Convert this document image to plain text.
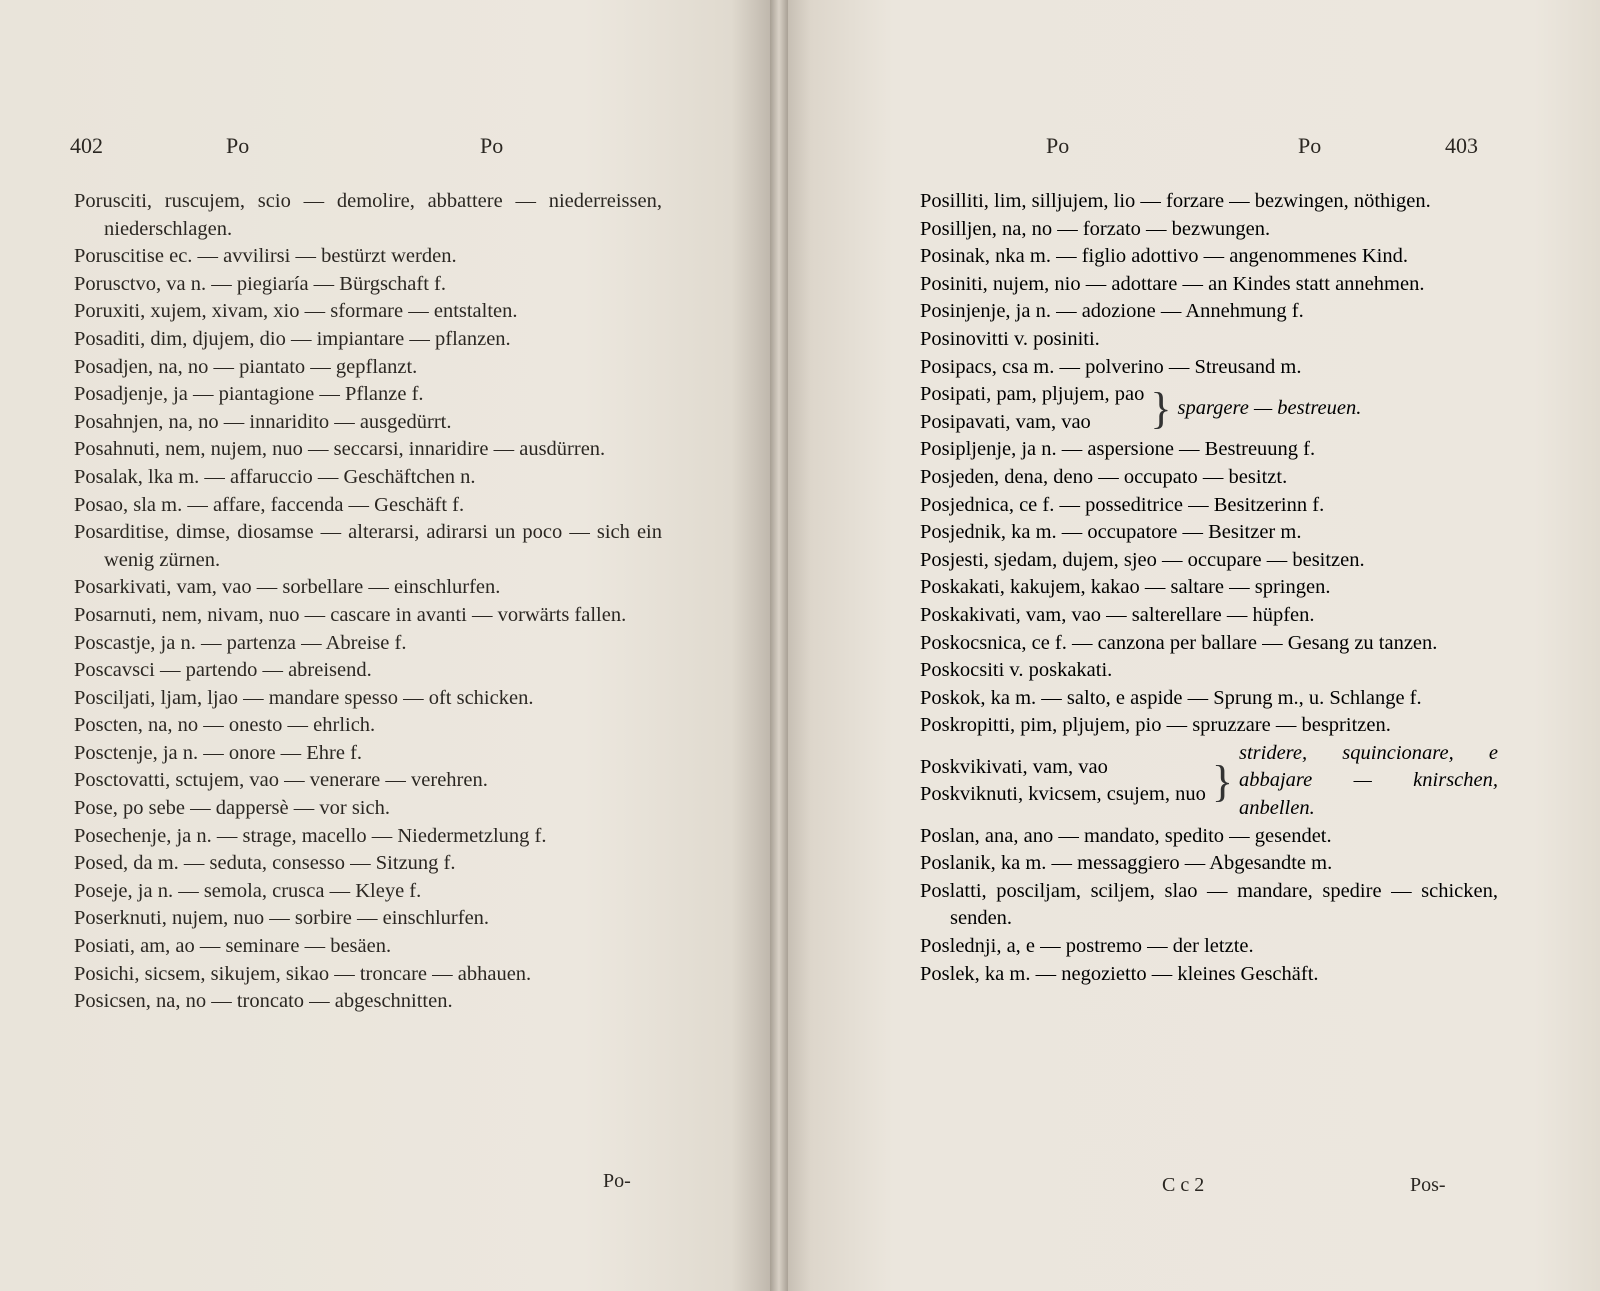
402	Po	Po
Porusciti, ruscujem, scio — demolire, abbattere — niederreissen, niederschlagen.
Poruscitise ec. — avvilirsi — bestürzt werden.
Porusctvo, va n. — piegiaría — Bürgschaft f.
Poruxiti, xujem, xivam, xio — sformare — entstalten.
Posaditi, dim, djujem, dio — impiantare — pflanzen.
Posadjen, na, no — piantato — gepflanzt.
Posadjenje, ja — piantagione — Pflanze f.
Posahnjen, na, no — innaridito — ausgedürrt.
Posahnuti, nem, nujem, nuo — seccarsi, innaridire — ausdürren.
Posalak, lka m. — affaruccio — Geschäftchen n.
Posao, sla m. — affare, faccenda — Geschäft f.
Posarditise, dimse, diosamse — alterarsi, adirarsi un poco — sich ein wenig zürnen.
Posarkivati, vam, vao — sorbellare — einschlurfen.
Posarnuti, nem, nivam, nuo — cascare in avanti — vorwärts fallen.
Poscastje, ja n. — partenza — Abreise f.
Poscavsci — partendo — abreisend.
Posciljati, ljam, ljao — mandare spesso — oft schicken.
Poscten, na, no — onesto — ehrlich.
Posctenje, ja n. — onore — Ehre f.
Posctovatti, sctujem, vao — venerare — verehren.
Pose, po sebe — dappersè — vor sich.
Posechenje, ja n. — strage, macello — Niedermetzlung f.
Posed, da m. — seduta, consesso — Sitzung f.
Poseje, ja n. — semola, crusca — Kleye f.
Poserknuti, nujem, nuo — sorbire — einschlurfen.
Posiati, am, ao — seminare — besäen.
Posichi, sicsem, sikujem, sikao — troncare — abhauen.
Posicsen, na, no — troncato — abgeschnitten.
Po-
Po	Po	403
C c 2	Pos-
Posilliti, lim, silljujem, lio — forzare — bezwingen, nöthigen.
Posilljen, na, no — forzato — bezwungen.
Posinak, nka m. — figlio adottivo — angenommenes Kind.
Posiniti, nujem, nio — adottare — an Kindes statt annehmen.
Posinjenje, ja n. — adozione — Annehmung f.
Posinovitti v. posiniti.
Posipacs, csa m. — polverino — Streusand m.
Posipati, pam, pljujem, pao
Posipavati, vam, vao	} spargere — bestreuen.
Posipljenje, ja n. — aspersione — Bestreuung f.
Posjeden, dena, deno — occupato — besitzt.
Posjednica, ce f. — posseditrice — Besitzerinn f.
Posjednik, ka m. — occupatore — Besitzer m.
Posjesti, sjedam, dujem, sjeo — occupare — besitzen.
Poskakati, kakujem, kakao — saltare — springen.
Poskakivati, vam, vao — salterellare — hüpfen.
Poskocsnica, ce f. — canzona per ballare — Gesang zu tanzen.
Poskocsiti v. poskakati.
Poskok, ka m. — salto, e aspide — Sprung m., u. Schlange f.
Poskropitti, pim, pljujem, pio — spruzzare — bespritzen.
Poskvikivati, vam, vao
Poskviknuti, kvicsem, csujem, nuo }
stridere, squincionare, e abbajare — knirschen, anbellen.
Poslan, ana, ano — mandato, spedito — gesendet.
Poslanik, ka m. — messaggiero — Abgesandte m.
Poslatti, posciljam, sciljem, slao — mandare, spedire — schicken, senden.
Poslednji, a, e — postremo — der letzte.
Poslek, ka m. — negozietto — kleines Geschäft.
